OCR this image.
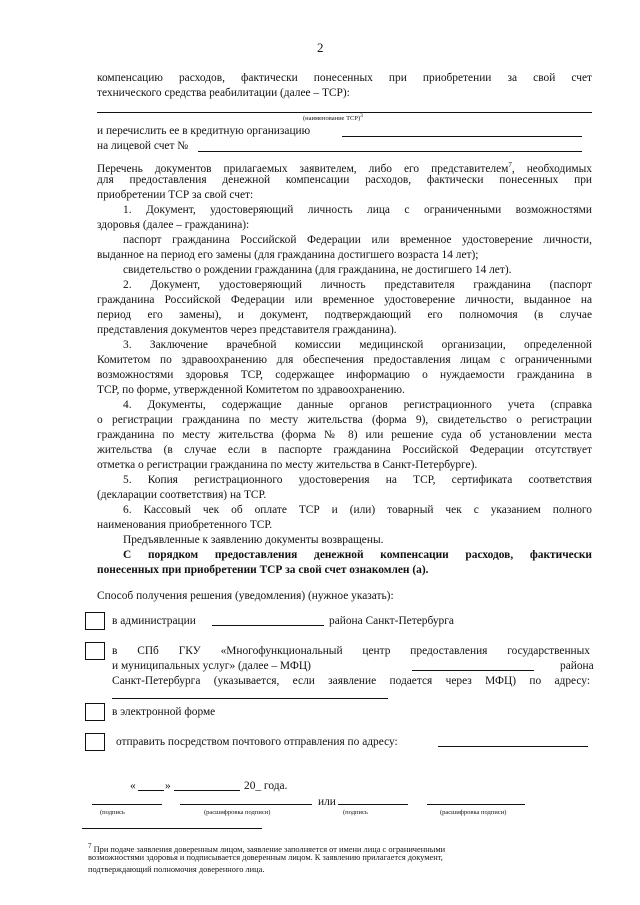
2
компенсацию расходов, фактически понесенных при приобретении за свой счет
технического средства реабилитации (далее – ТСР):
(наименование ТСР)$^3$
и перечислить ее в кредитную организацию
на лицевой счет №
Перечень документов прилагаемых заявителем, либо его представителем$^7$, необходимых
для предоставления денежной компенсации расходов, фактически понесенных при
приобретении ТСР за свой счет:
1. Документ, удостоверяющий личность лица с ограниченными возможностями
здоровья (далее – гражданина):
паспорт гражданина Российской Федерации или временное удостоверение личности,
выданное на период его замены (для гражданина достигшего возраста 14 лет);
свидетельство о рождении гражданина (для гражданина, не достигшего 14 лет).
2. Документ, удостоверяющий личность представителя гражданина (паспорт
гражданина Российской Федерации или временное удостоверение личности, выданное на
период его замены), и документ, подтверждающий его полномочия (в случае
представления документов через представителя гражданина).
3. Заключение врачебной комиссии медицинской организации, определенной
Комитетом по здравоохранению для обеспечения предоставления лицам с ограниченными
возможностями здоровья ТСР, содержащее информацию о нуждаемости гражданина в
ТСР, по форме, утвержденной Комитетом по здравоохранению.
4. Документы, содержащие данные органов регистрационного учета (справка
о регистрации гражданина по месту жительства (форма 9), свидетельство о регистрации
гражданина по месту жительства (форма № 8) или решение суда об установлении места
жительства (в случае если в паспорте гражданина Российской Федерации отсутствует
отметка о регистрации гражданина по месту жительства в Санкт-Петербурге).
5. Копия регистрационного удостоверения на ТСР, сертификата соответствия
(декларации соответствия) на ТСР.
6. Кассовый чек об оплате ТСР и (или) товарный чек с указанием полного
наименования приобретенного ТСР.
Предъявленные к заявлению документы возвращены.
С порядком предоставления денежной компенсации расходов, фактически
понесенных при приобретении ТСР за свой счет ознакомлен (а).
Способ получения решения (уведомления) (нужное указать):
в администрации	района Санкт-Петербурга
в СПб ГКУ «Многофункциональный центр предоставления государственных
и муниципальных услуг» (далее – МФЦ)	района
Санкт-Петербурга (указывается, если заявление подается через МФЦ) по адресу:
в электронной форме
отправить посредством почтового отправления по адресу:
«	»	20_ года.
или
(подпись	(расшифровка подписи)	(подпись	(расшифровка подписи)
$^7$ При подаче заявления доверенным лицом, заявление заполняется от имени лица с ограниченными
возможностями здоровья и подписывается доверенным лицом. К заявлению прилагается документ,
подтверждающий полномочия доверенного лица.
